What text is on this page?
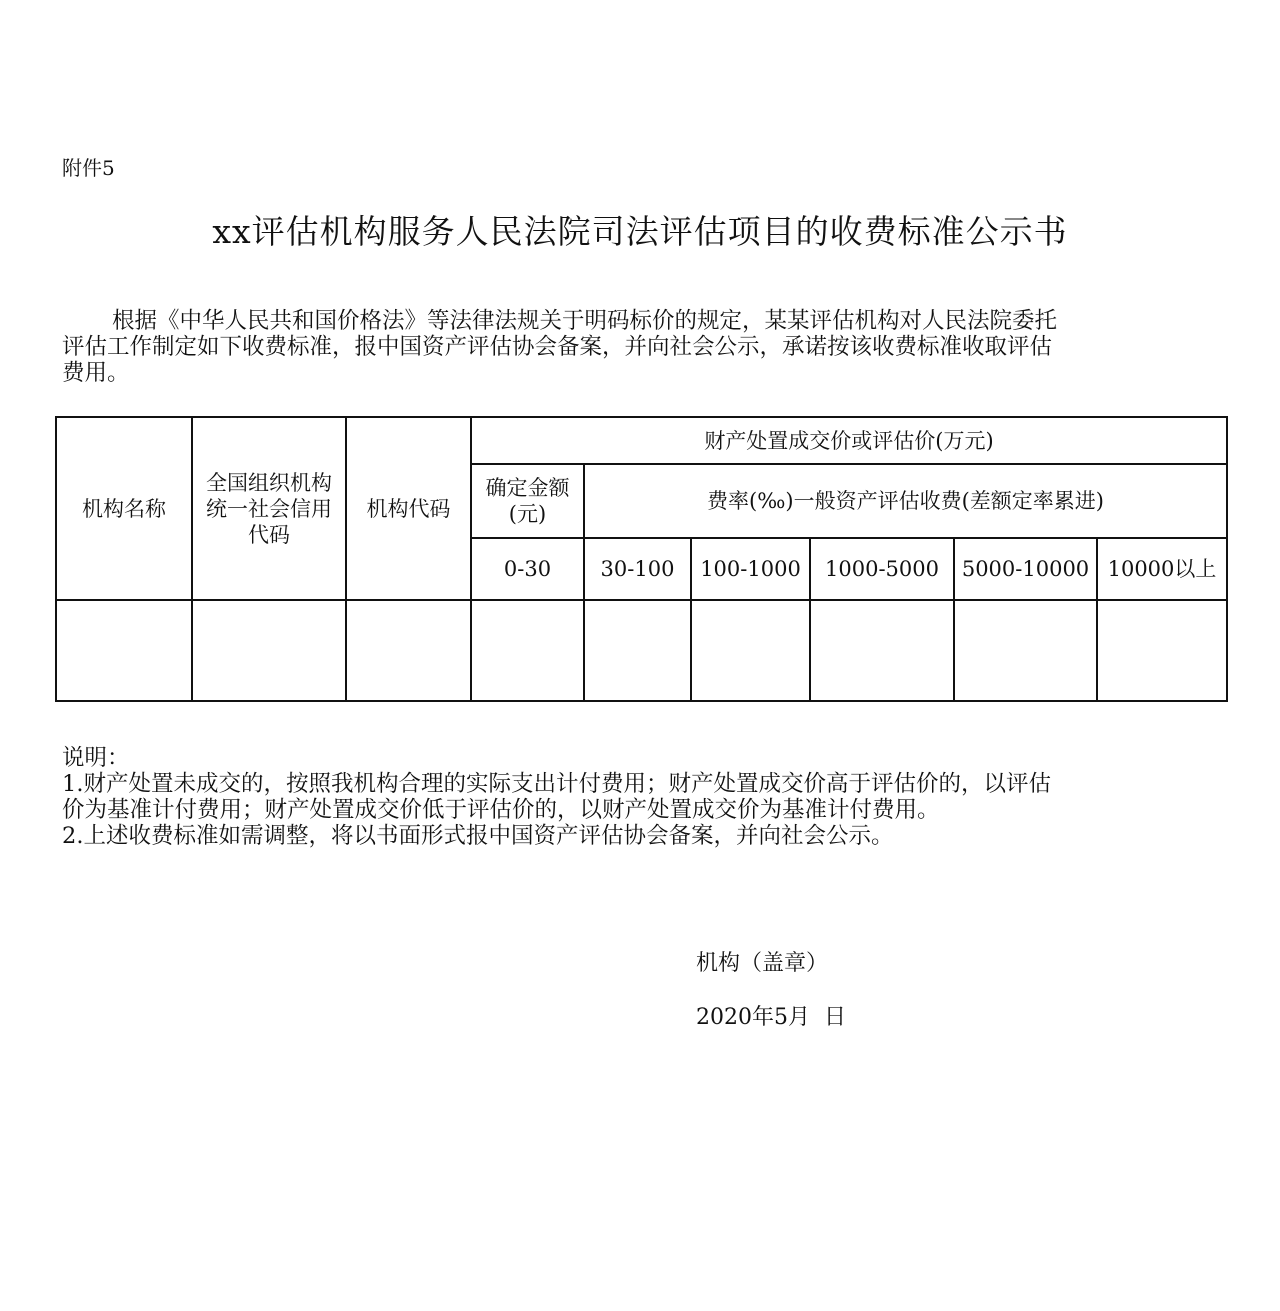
附件5
xx评估机构服务人民法院司法评估项目的收费标准公示书
根据《中华人民共和国价格法》等法律法规关于明码标价的规定，某某评估机构对人民法院委托
评估工作制定如下收费标准，报中国资产评估协会备案，并向社会公示，承诺按该收费标准收取评估
费用。
机构名称	全国组织机构统一社会信用代码	机构代码	财产处置成交价或评估价(万元)					
			确定金额(元)	费率(‰)一般资产评估收费(差额定率累进)				
			0-30	30-100	100-1000	1000-5000	5000-10000	10000以上

说明：
1.财产处置未成交的，按照我机构合理的实际支出计付费用；财产处置成交价高于评估价的，以评估
价为基准计付费用；财产处置成交价低于评估价的，以财产处置成交价为基准计付费用。
2.上述收费标准如需调整，将以书面形式报中国资产评估协会备案，并向社会公示。
机构（盖章）
2020年5月  日
